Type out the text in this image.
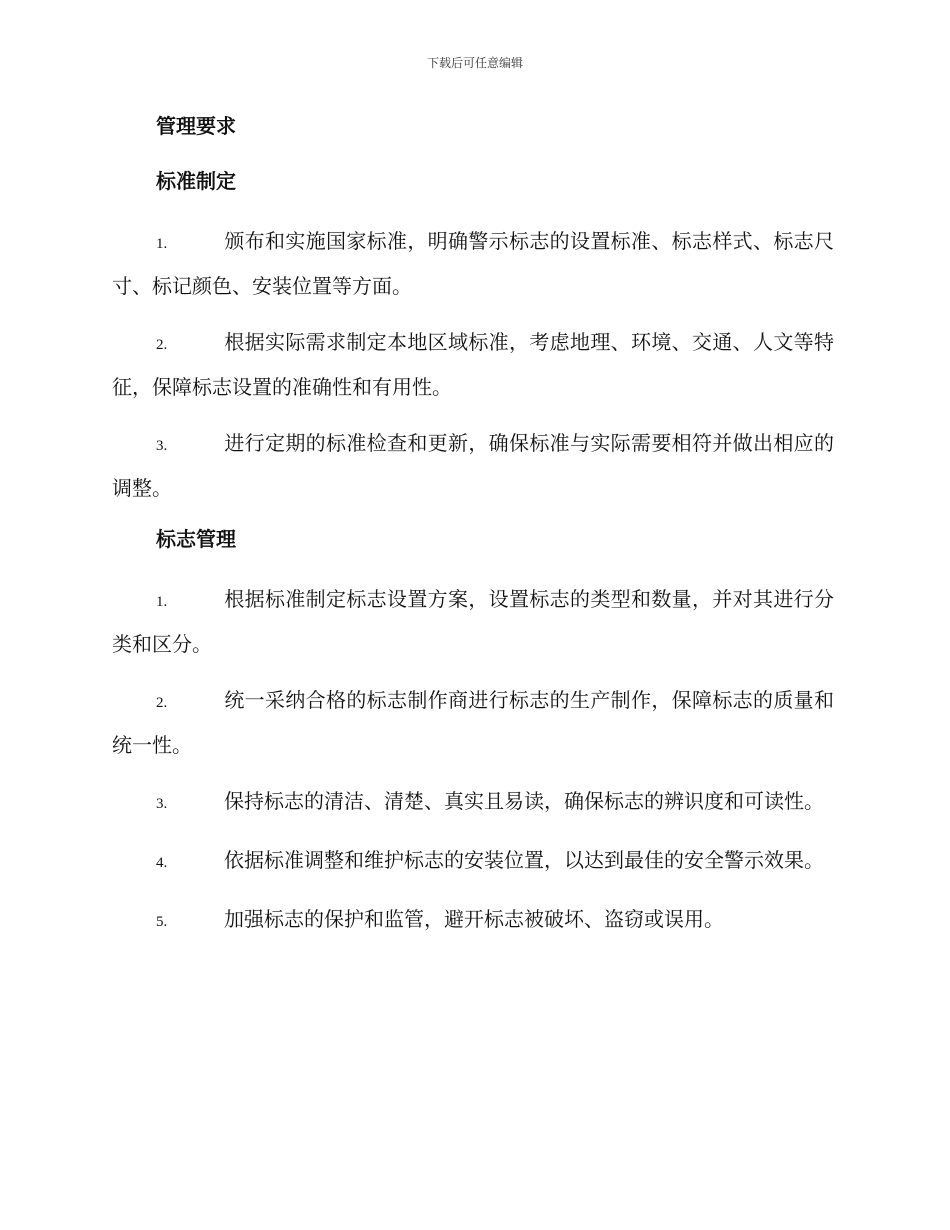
下载后可任意编辑
管理要求
标准制定

1.	颁布和实施国家标准，明确警示标志的设置标准、标志样式、标志尺寸、标记颜色、安装位置等方面。

2.	根据实际需求制定本地区域标准，考虑地理、环境、交通、人文等特征，保障标志设置的准确性和有用性。

3.	进行定期的标准检查和更新，确保标准与实际需要相符并做出相应的调整。

标志管理

1.	根据标准制定标志设置方案，设置标志的类型和数量，并对其进行分类和区分。

2.	统一采纳合格的标志制作商进行标志的生产制作，保障标志的质量和统一性。

3.	保持标志的清洁、清楚、真实且易读，确保标志的辨识度和可读性。

4.	依据标准调整和维护标志的安装位置，以达到最佳的安全警示效果。

5.	加强标志的保护和监管，避开标志被破坏、盗窃或误用。
